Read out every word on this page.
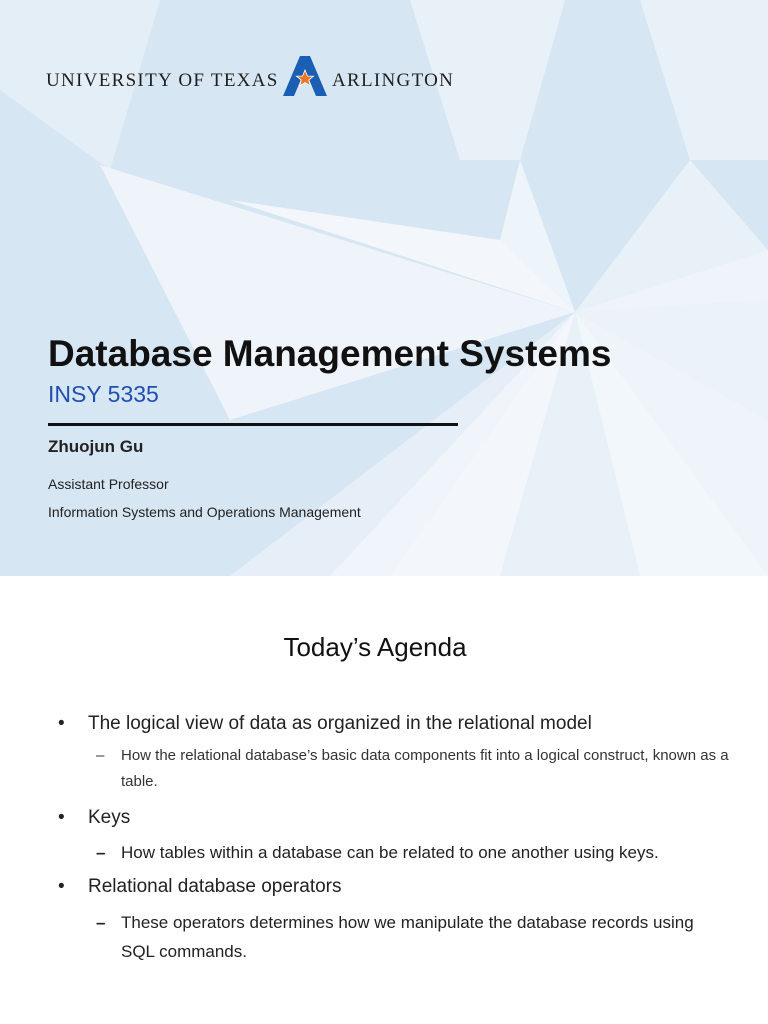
UNIVERSITY OF TEXAS	ARLINGTON
Database Management Systems
INSY 5335
Zhuojun Gu
Assistant Professor
Information Systems and Operations Management
Today’s Agenda
• The logical view of data as organized in the relational model
– How the relational database’s basic data components fit into a logical construct, known as a table.
• Keys
– How tables within a database can be related to one another using keys.
• Relational database operators
– These operators determines how we manipulate the database records using SQL commands.
